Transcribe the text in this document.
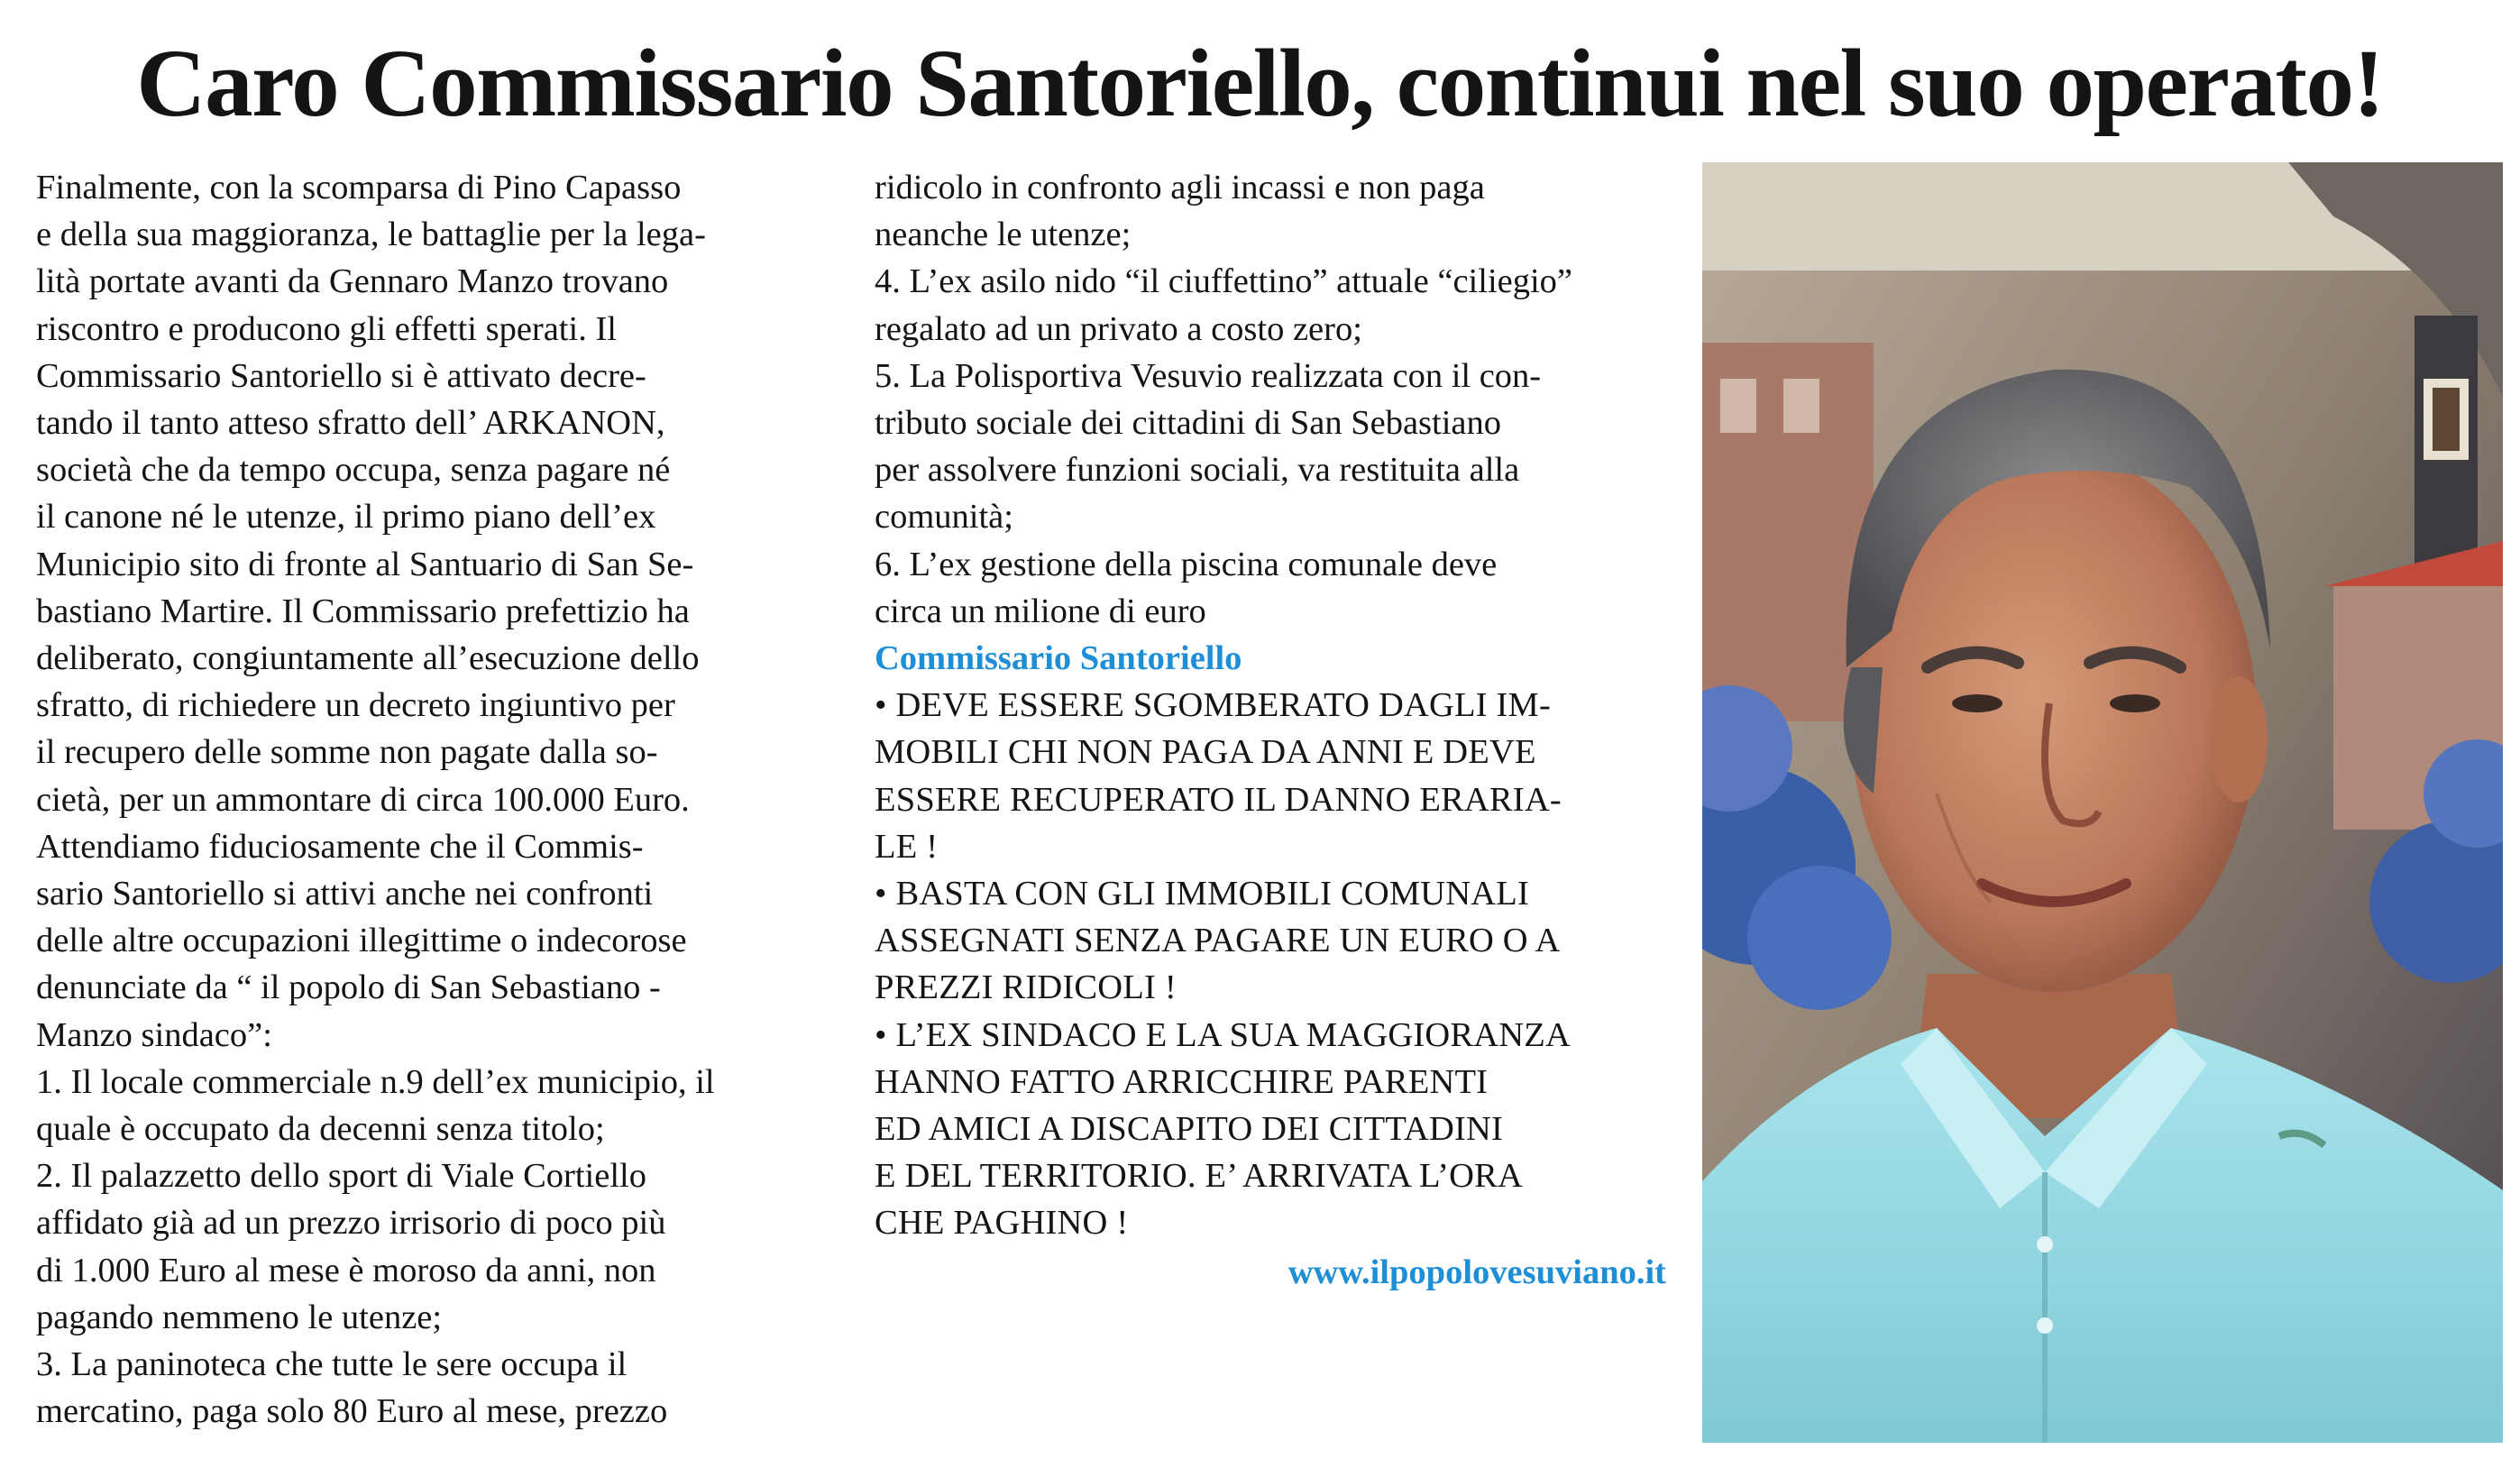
Caro Commissario Santoriello, continui nel suo operato!
Finalmente, con la scomparsa di Pino Capasso
e della sua maggioranza, le battaglie per la lega-
lità portate avanti da Gennaro Manzo trovano
riscontro e producono gli effetti sperati. Il
Commissario Santoriello si è attivato decre-
tando il tanto atteso sfratto dell’ ARKANON,
società che da tempo occupa, senza pagare né
il canone né le utenze, il primo piano dell’ex
Municipio sito di fronte al Santuario di San Se-
bastiano Martire. Il Commissario prefettizio ha
deliberato, congiuntamente all’esecuzione dello
sfratto, di richiedere un decreto ingiuntivo per
il recupero delle somme non pagate dalla so-
cietà, per un ammontare di circa 100.000 Euro.
Attendiamo fiduciosamente che il Commis-
sario Santoriello si attivi anche nei confronti
delle altre occupazioni illegittime o indecorose
denunciate da “ il popolo di San Sebastiano -
Manzo sindaco”:
1. Il locale commerciale n.9 dell’ex municipio, il
quale è occupato da decenni senza titolo;
2. Il palazzetto dello sport di Viale Cortiello
affidato già ad un prezzo irrisorio di poco più
di 1.000 Euro al mese è moroso da anni, non
pagando nemmeno le utenze;
3. La paninoteca che tutte le sere occupa il
mercatino, paga solo 80 Euro al mese, prezzo
ridicolo in confronto agli incassi e non paga
neanche le utenze;
4. L’ex asilo nido “il ciuffettino” attuale “ciliegio”
regalato ad un privato a costo zero;
5. La Polisportiva Vesuvio realizzata con il con-
tributo sociale dei cittadini di San Sebastiano
per assolvere funzioni sociali, va restituita alla
comunità;
6. L’ex gestione della piscina comunale deve
circa un milione di euro
Commissario Santoriello
• DEVE ESSERE SGOMBERATO DAGLI IM-
MOBILI CHI NON PAGA DA ANNI E DEVE
ESSERE RECUPERATO IL DANNO ERARIA-
LE !
• BASTA CON GLI IMMOBILI COMUNALI
ASSEGNATI SENZA PAGARE UN EURO O A
PREZZI RIDICOLI !
• L’EX SINDACO E LA SUA MAGGIORANZA
HANNO FATTO ARRICCHIRE PARENTI
ED AMICI A DISCAPITO DEI CITTADINI
E DEL TERRITORIO. E’ ARRIVATA L’ORA
CHE PAGHINO !
www.ilpopolovesuviano.it
